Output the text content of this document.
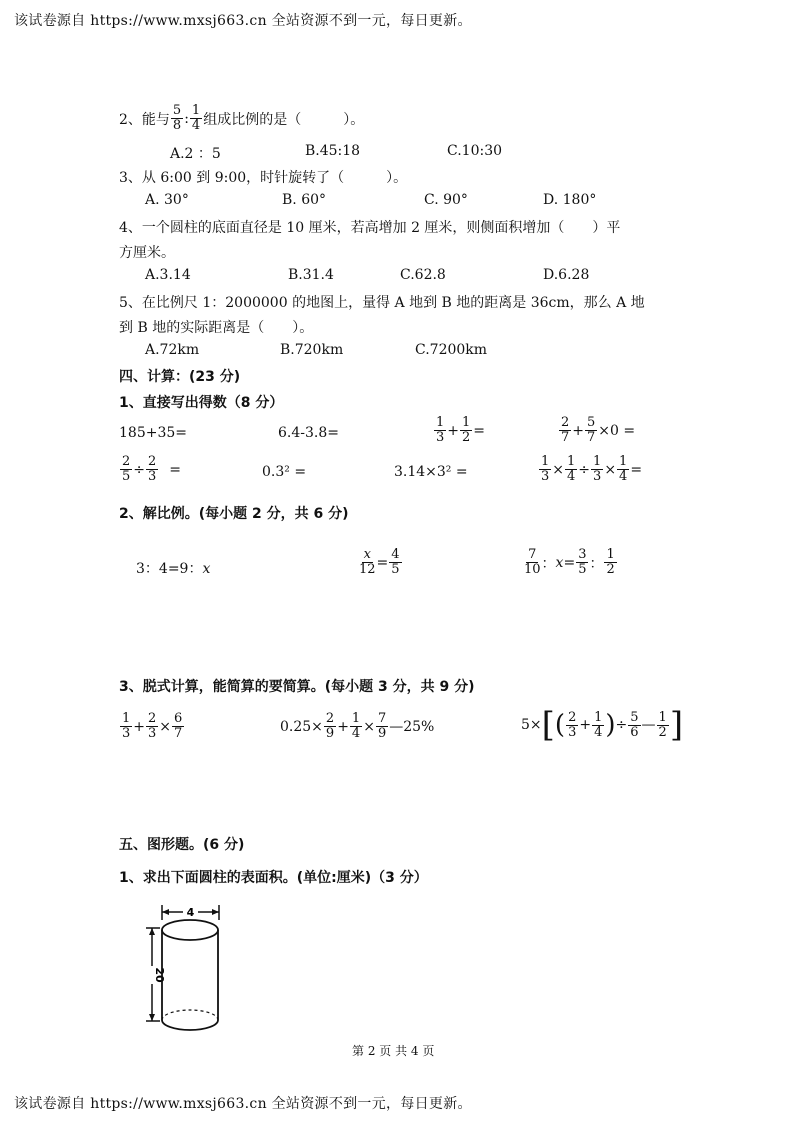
该试卷源自 https://www.mxsj663.cn 全站资源不到一元，每日更新。
2、能与 $\frac{5}{8}$ : $\frac{1}{4}$ 组成比例的是（　　　）。
A.2 ：5	B.45:18	C.10:30
3、从 6:00 到 9:00，时针旋转了（　　　）。
A. 30°	B. 60°	C. 90°	D. 180°
4、一个圆柱的底面直径是 10 厘米，若高增加 2 厘米，则侧面积增加（　　）平
方厘米。
A.3.14	B.31.4	C.62.8	D.6.28
5、在比例尺 1：2000000 的地图上，量得 A 地到 B 地的距离是 36cm，那么 A 地
到 B 地的实际距离是（　　）。
A.72km	B.720km	C.7200km
四、计算：(23 分)
1、直接写出得数（8 分）
185+35=	6.4-3.8=	$\frac{1}{3} + \frac{1}{2}$ =	$\frac{2}{7} + \frac{5}{7} \times 0$ =
$\frac{2}{5} \div \frac{2}{3}$ =	0.3² =	3.14×3² =	$\frac{1}{3} \times \frac{1}{4} \div \frac{1}{3} \times \frac{1}{4}$ =
2、解比例。(每小题 2 分，共 6 分)
3：4=9：x	$\frac{x}{12} = \frac{4}{5}$	$\frac{7}{10}$ ： $x = \frac{3}{5}$ ： $\frac{1}{2}$
3、脱式计算，能简算的要简算。(每小题 3 分，共 9 分)
$\frac{1}{3} + \frac{2}{3} \times \frac{6}{7}$	$0.25\times \frac{2}{9} + \frac{1}{4} \times \frac{7}{9}$ —25%	5× [ ( $\frac{2}{3} + \frac{1}{4}$ ) ÷ $\frac{5}{6}$ — $\frac{1}{2}$ ]
五、图形题。(6 分)
1、求出下面圆柱的表面积。(单位:厘米)（3 分）
4
20
第 2 页 共 4 页
该试卷源自 https://www.mxsj663.cn 全站资源不到一元，每日更新。
